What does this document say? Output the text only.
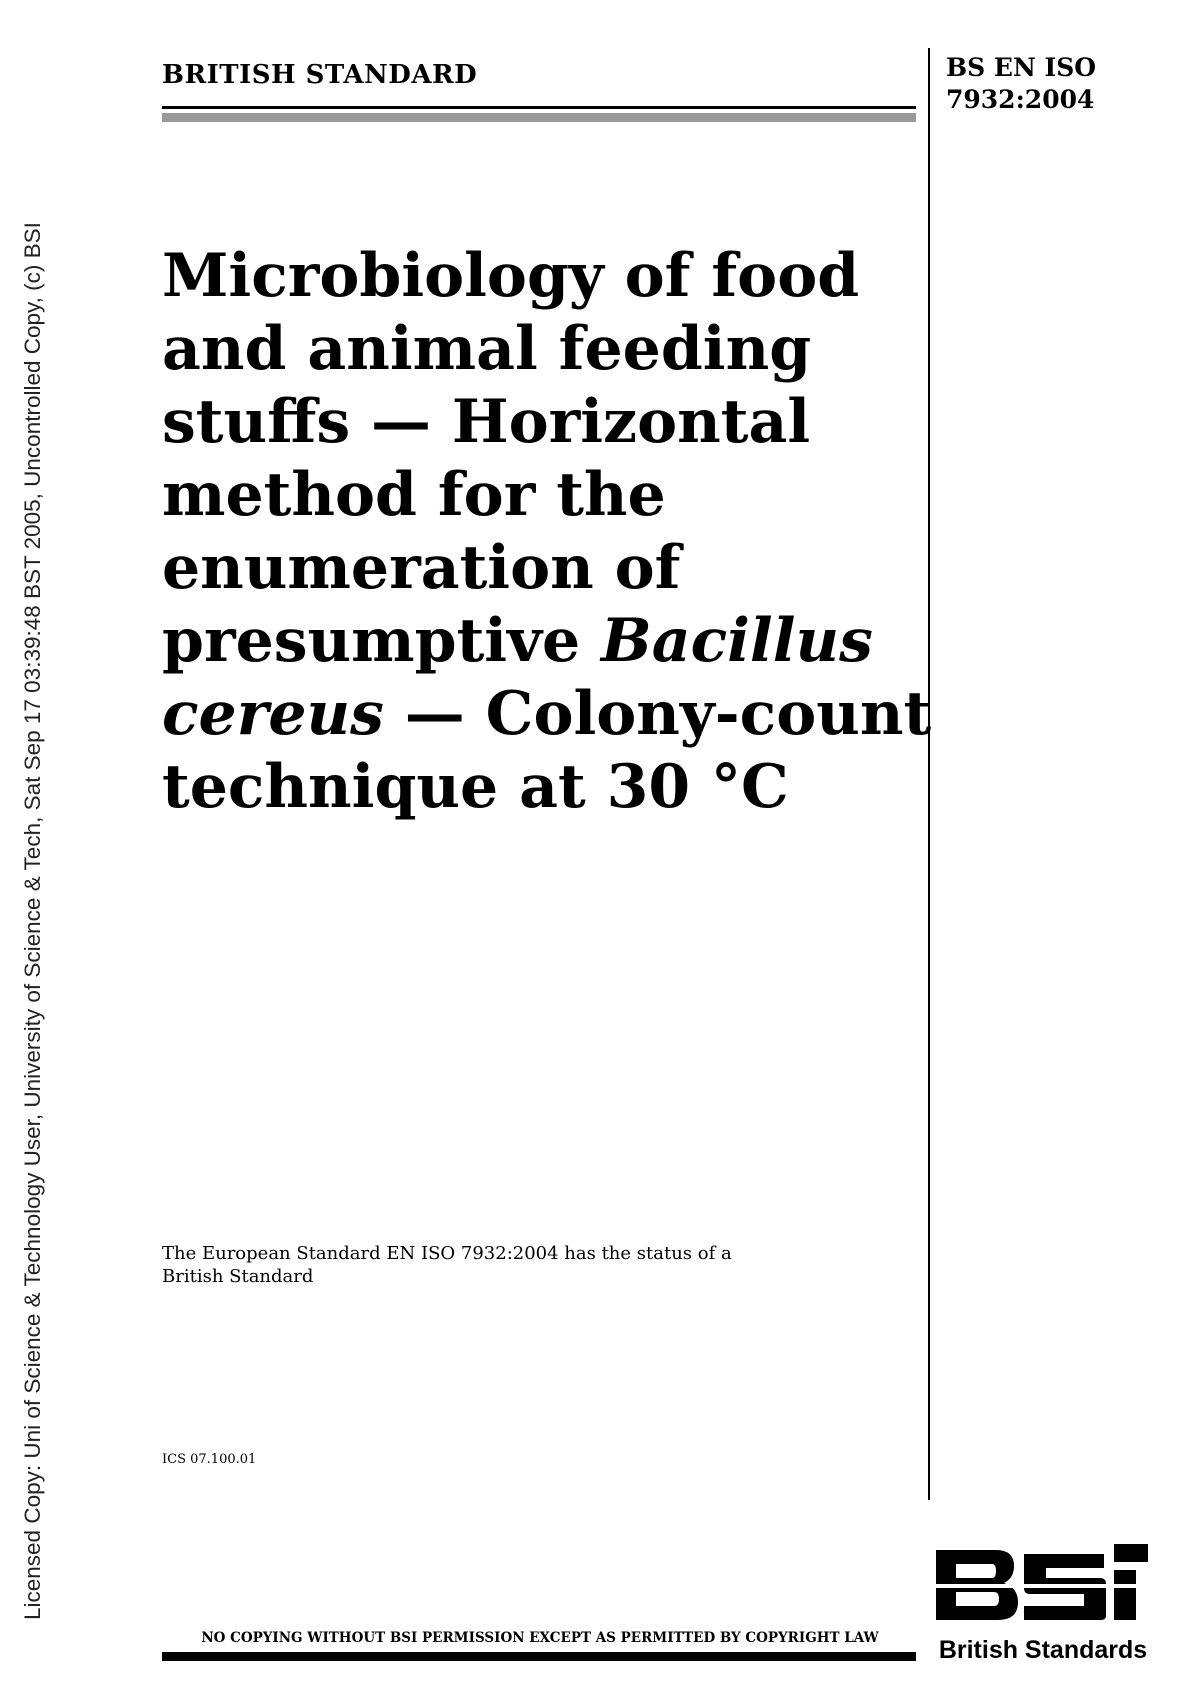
Licensed Copy: Uni of Science & Technology User, University of Science & Tech, Sat Sep 17 03:39:48 BST 2005, Uncontrolled Copy, (c) BSI
BRITISH STANDARD	BS EN ISO
7932:2004
Microbiology of food
and animal feeding
stuffs — Horizontal
method for the
enumeration of
presumptive Bacillus
cereus — Colony-count
technique at 30 °C
The European Standard EN ISO 7932:2004 has the status of a
British Standard
ICS 07.100.01
NO COPYING WITHOUT BSI PERMISSION EXCEPT AS PERMITTED BY COPYRIGHT LAW	British Standards
